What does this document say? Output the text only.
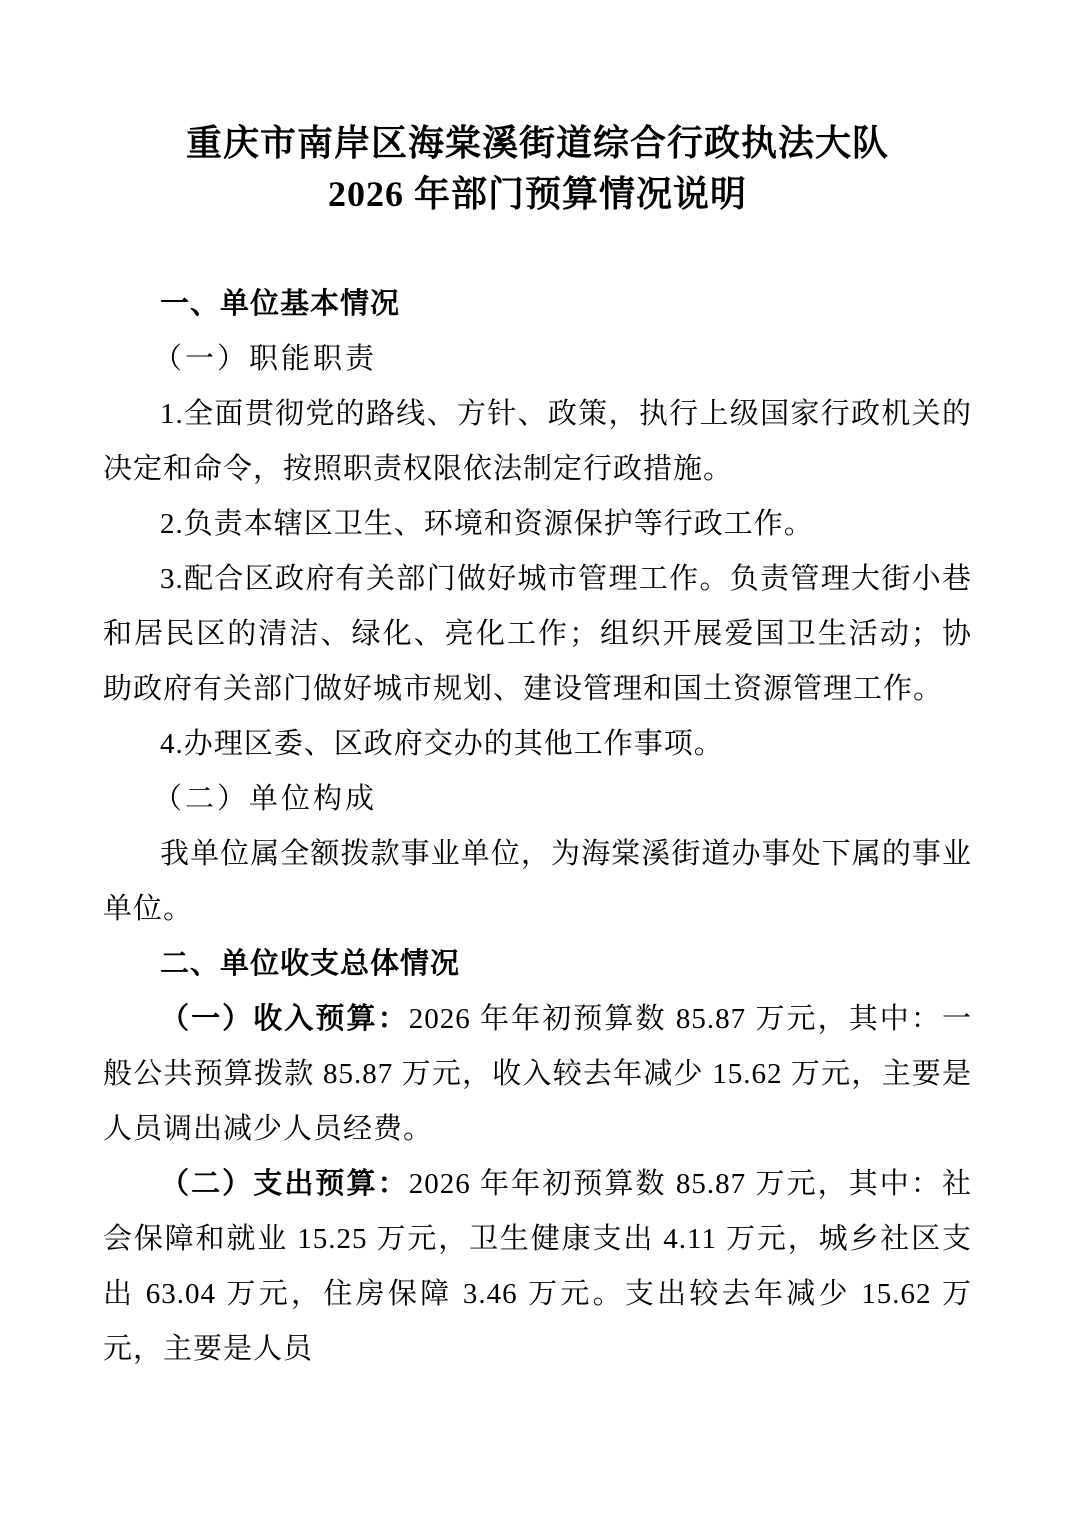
重庆市南岸区海棠溪街道综合行政执法大队
2026 年部门预算情况说明

一、单位基本情况

（一）职能职责

1.全面贯彻党的路线、方针、政策，执行上级国家行政机关的决定和命令，按照职责权限依法制定行政措施。

2.负责本辖区卫生、环境和资源保护等行政工作。

3.配合区政府有关部门做好城市管理工作。负责管理大街小巷和居民区的清洁、绿化、亮化工作；组织开展爱国卫生活动；协助政府有关部门做好城市规划、建设管理和国土资源管理工作。

4.办理区委、区政府交办的其他工作事项。

（二）单位构成

我单位属全额拨款事业单位，为海棠溪街道办事处下属的事业单位。

二、单位收支总体情况

（一）收入预算：2026 年年初预算数 85.87 万元，其中：一般公共预算拨款 85.87 万元，收入较去年减少 15.62 万元，主要是人员调出减少人员经费。

（二）支出预算：2026 年年初预算数 85.87 万元，其中：社会保障和就业 15.25 万元，卫生健康支出 4.11 万元，城乡社区支出 63.04 万元，住房保障 3.46 万元。支出较去年减少 15.62 万元，主要是人员
